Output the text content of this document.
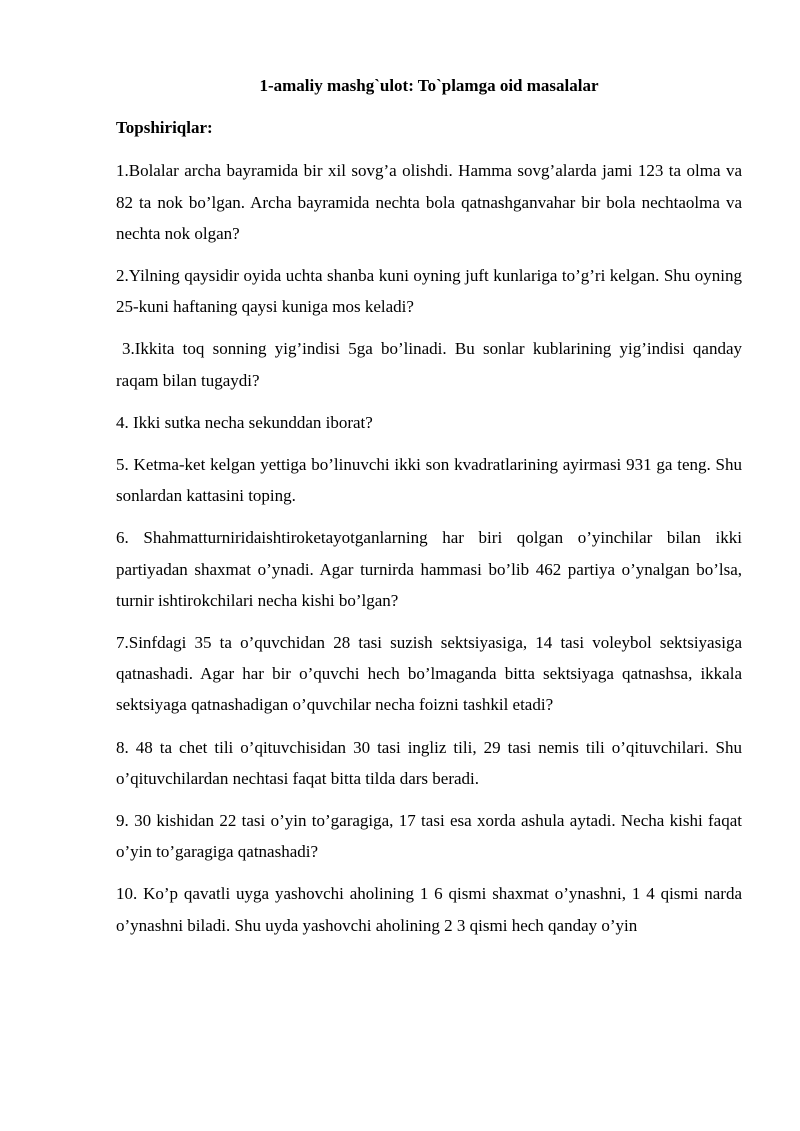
1-amaliy mashg`ulot: To`plamga oid masalalar

Topshiriqlar:

1.Bolalar archa bayramida bir xil sovg’a olishdi. Hamma sovg’alarda jami 123 ta olma va 82 ta nok bo’lgan. Archa bayramida nechta bola qatnashganvahar bir bola nechtaolma va nechta nok olgan?

2.Yilning qaysidir oyida uchta shanba kuni oyning juft kunlariga to’g’ri kelgan. Shu oyning 25-kuni haftaning qaysi kuniga mos keladi?

3.Ikkita toq sonning yig’indisi 5ga bo’linadi. Bu sonlar kublarining yig’indisi qanday raqam bilan tugaydi?

4. Ikki sutka necha sekunddan iborat?

5. Ketma-ket kelgan yettiga bo’linuvchi ikki son kvadratlarining ayirmasi 931 ga teng. Shu sonlardan kattasini toping.

6. Shahmatturniridaishtiroketayotganlarning har biri qolgan o’yinchilar bilan ikki partiyadan shaxmat o’ynadi. Agar turnirda hammasi bo’lib 462 partiya o’ynalgan bo’lsa, turnir ishtirokchilari necha kishi bo’lgan?

7.Sinfdagi 35 ta o’quvchidan 28 tasi suzish sektsiyasiga, 14 tasi voleybol sektsiyasiga qatnashadi. Agar har bir o’quvchi hech bo’lmaganda bitta sektsiyaga qatnashsa, ikkala sektsiyaga qatnashadigan o’quvchilar necha foizni tashkil etadi?

8. 48 ta chet tili o’qituvchisidan 30 tasi ingliz tili, 29 tasi nemis tili o’qituvchilari. Shu o’qituvchilardan nechtasi faqat bitta tilda dars beradi.

9. 30 kishidan 22 tasi o’yin to’garagiga, 17 tasi esa xorda ashula aytadi. Necha kishi faqat o’yin to’garagiga qatnashadi?

10. Ko’p qavatli uyga yashovchi aholining 1 6 qismi shaxmat o’ynashni, 1 4 qismi narda o’ynashni biladi. Shu uyda yashovchi aholining 2 3 qismi hech qanday o’yin
